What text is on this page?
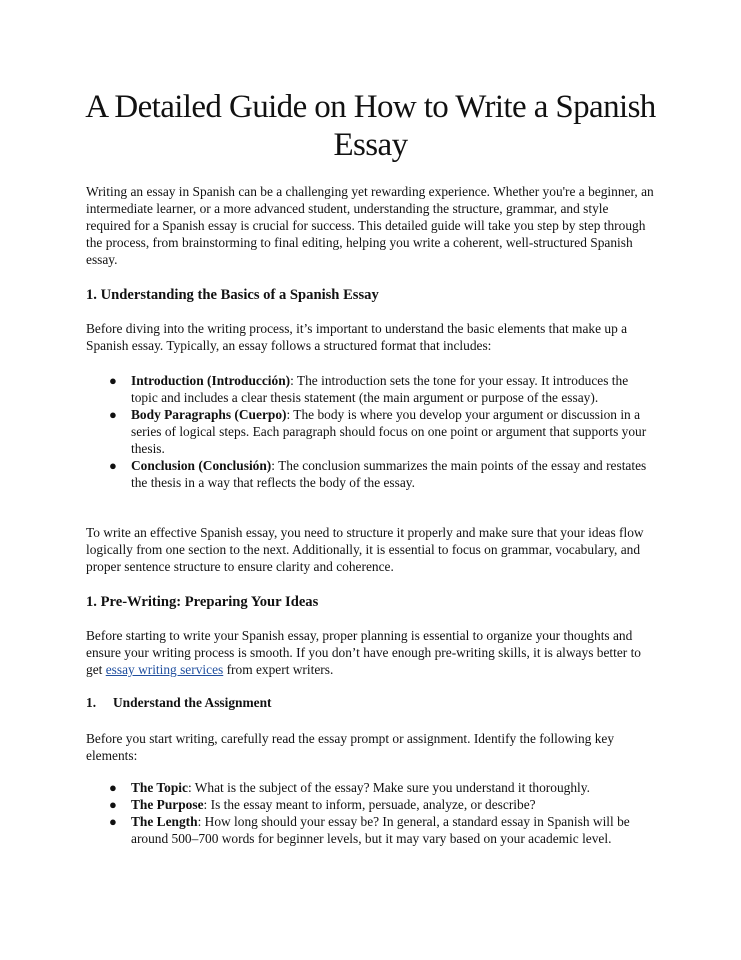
A Detailed Guide on How to Write a Spanish Essay

Writing an essay in Spanish can be a challenging yet rewarding experience. Whether you're a beginner, an intermediate learner, or a more advanced student, understanding the structure, grammar, and style required for a Spanish essay is crucial for success. This detailed guide will take you step by step through the process, from brainstorming to final editing, helping you write a coherent, well-structured Spanish essay.

1. Understanding the Basics of a Spanish Essay

Before diving into the writing process, it’s important to understand the basic elements that make up a Spanish essay. Typically, an essay follows a structured format that includes:

● Introduction (Introducción): The introduction sets the tone for your essay. It introduces the topic and includes a clear thesis statement (the main argument or purpose of the essay).
● Body Paragraphs (Cuerpo): The body is where you develop your argument or discussion in a series of logical steps. Each paragraph should focus on one point or argument that supports your thesis.
● Conclusion (Conclusión): The conclusion summarizes the main points of the essay and restates the thesis in a way that reflects the body of the essay.

To write an effective Spanish essay, you need to structure it properly and make sure that your ideas flow logically from one section to the next. Additionally, it is essential to focus on grammar, vocabulary, and proper sentence structure to ensure clarity and coherence.

1. Pre-Writing: Preparing Your Ideas

Before starting to write your Spanish essay, proper planning is essential to organize your thoughts and ensure your writing process is smooth. If you don’t have enough pre-writing skills, it is always better to get essay writing services from expert writers.

1. Understand the Assignment

Before you start writing, carefully read the essay prompt or assignment. Identify the following key elements:

● The Topic: What is the subject of the essay? Make sure you understand it thoroughly.
● The Purpose: Is the essay meant to inform, persuade, analyze, or describe?
● The Length: How long should your essay be? In general, a standard essay in Spanish will be around 500–700 words for beginner levels, but it may vary based on your academic level.
